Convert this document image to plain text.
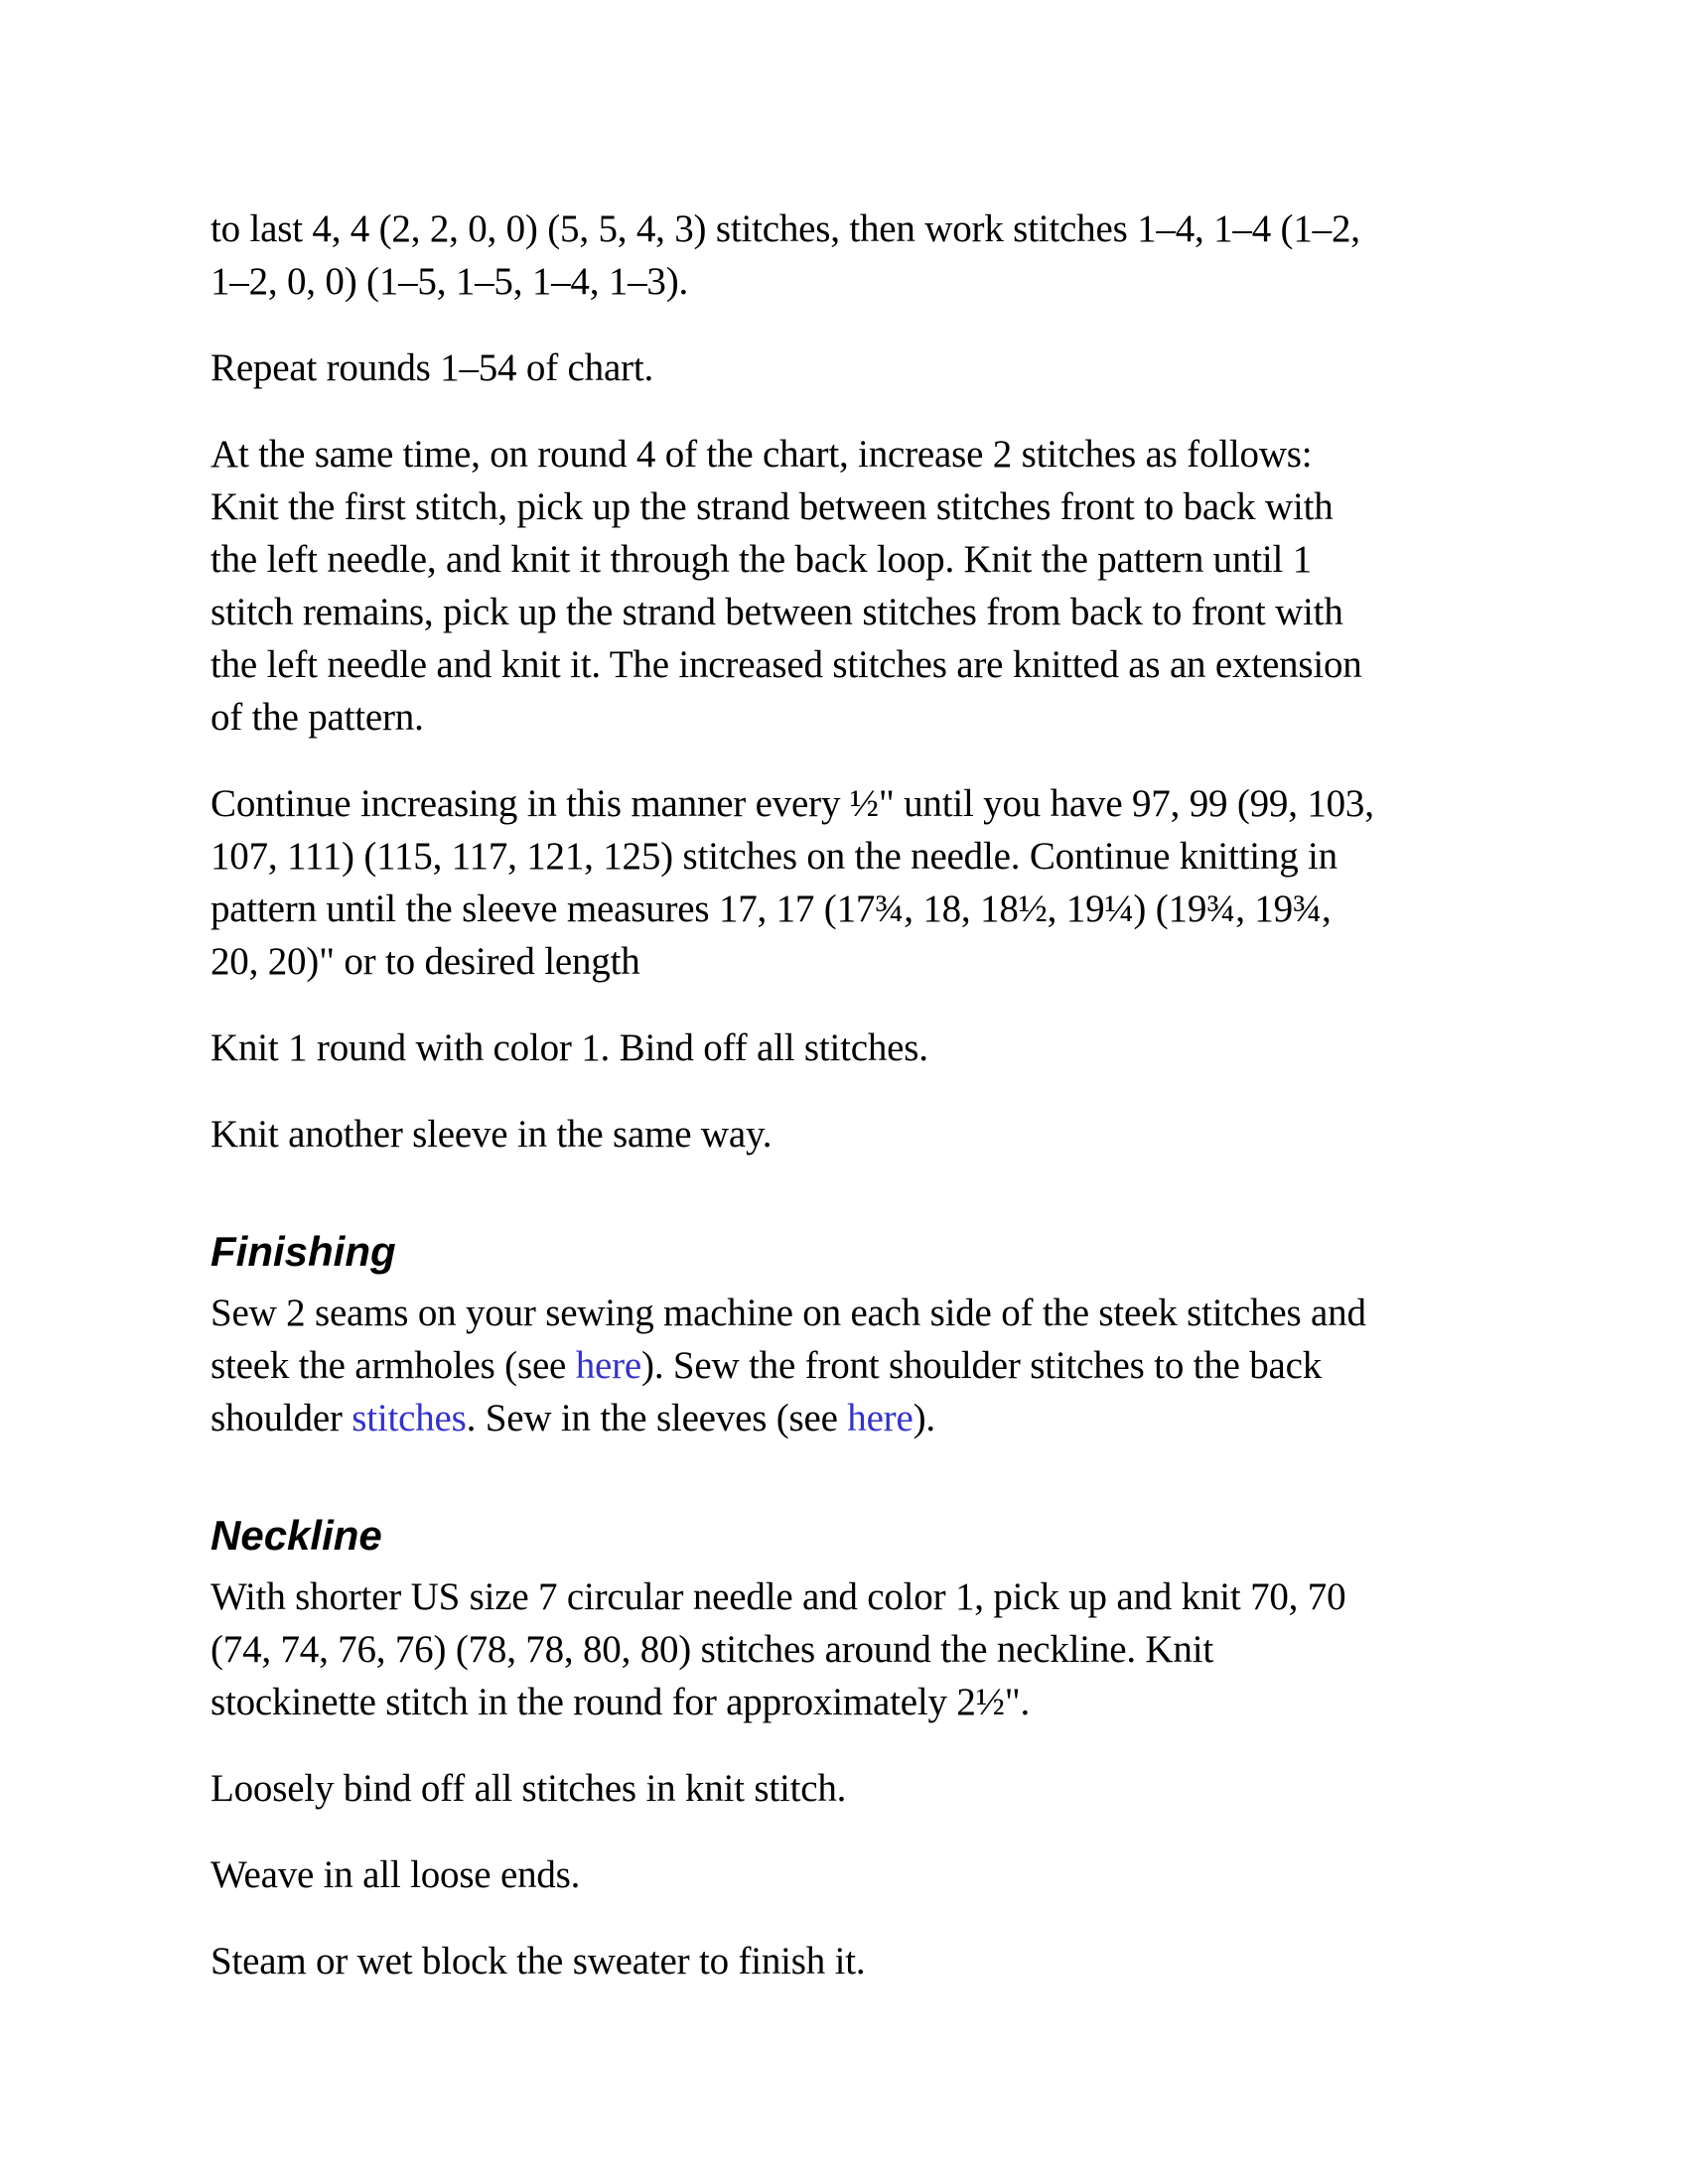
to last 4, 4 (2, 2, 0, 0) (5, 5, 4, 3) stitches, then work stitches 1–4, 1–4 (1–2,
1–2, 0, 0) (1–5, 1–5, 1–4, 1–3).

Repeat rounds 1–54 of chart.

At the same time, on round 4 of the chart, increase 2 stitches as follows:
Knit the first stitch, pick up the strand between stitches front to back with
the left needle, and knit it through the back loop. Knit the pattern until 1
stitch remains, pick up the strand between stitches from back to front with
the left needle and knit it. The increased stitches are knitted as an extension
of the pattern.

Continue increasing in this manner every ½" until you have 97, 99 (99, 103,
107, 111) (115, 117, 121, 125) stitches on the needle. Continue knitting in
pattern until the sleeve measures 17, 17 (17¾, 18, 18½, 19¼) (19¾, 19¾,
20, 20)" or to desired length

Knit 1 round with color 1. Bind off all stitches.

Knit another sleeve in the same way.

Finishing

Sew 2 seams on your sewing machine on each side of the steek stitches and
steek the armholes (see here). Sew the front shoulder stitches to the back
shoulder stitches. Sew in the sleeves (see here).

Neckline

With shorter US size 7 circular needle and color 1, pick up and knit 70, 70
(74, 74, 76, 76) (78, 78, 80, 80) stitches around the neckline. Knit
stockinette stitch in the round for approximately 2½".

Loosely bind off all stitches in knit stitch.

Weave in all loose ends.

Steam or wet block the sweater to finish it.
